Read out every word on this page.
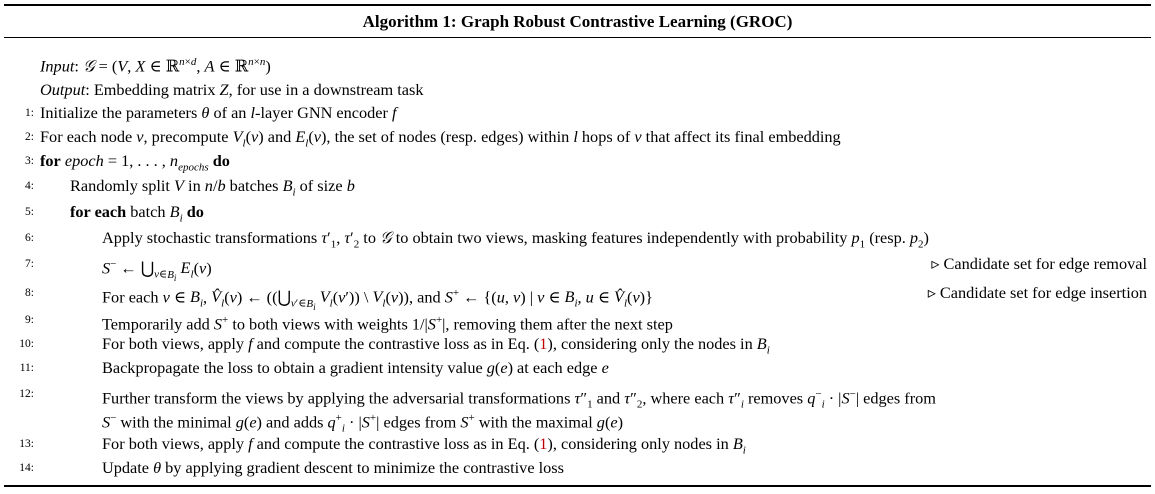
Algorithm 1: Graph Robust Contrastive Learning (GROC)
Input: 𝒢 = (V, X ∈ ℝ$^{n\times d}$, A ∈ ℝ$^{n\times n}$)
Output: Embedding matrix Z, for use in a downstream task
1: Initialize the parameters θ of an l-layer GNN encoder f
2: For each node v, precompute $V_l(v)$ and $E_l(v)$, the set of nodes (resp. edges) within l hops of v that affect its final embedding
3: for epoch = 1, . . . , $n_{epochs}$ do
4: Randomly split V in n/b batches $B_i$ of size b
5: for each batch $B_i$ do
6:	Apply stochastic transformations $\tau'_1$, $\tau'_2$ to 𝒢 to obtain two views, masking features independently with probability $p_1$ (resp. $p_2$)
7:	S− ← $⋃_{v\in B_i}$ $E_l(v)$	▹ Candidate set for edge removal
8:	For each v ∈ $B_i$, $V̂_l(v)$ ← (($⋃_{v'\in B_i}$ $V_l(v')$) \ $V_l(v)$), and S+ ← {(u, v) | v ∈ $B_i$, u ∈ $V̂_l(v)$}	▹ Candidate set for edge insertion
9:	Temporarily add S+ to both views with weights 1/|S+|, removing them after the next step
10:	For both views, apply f and compute the contrastive loss as in Eq. (1), considering only the nodes in $B_i$
11:	Backpropagate the loss to obtain a gradient intensity value g(e) at each edge e
12:	Further transform the views by applying the adversarial transformations $\tau''_1$ and $\tau''_2$, where each $\tau''_i$ removes $q^-_i \cdot |S^-|$ edges from
S− with the minimal g(e) and adds $q^+_i \cdot |S^+|$ edges from S+ with the maximal g(e)
13:	For both views, apply f and compute the contrastive loss as in Eq. (1), considering only nodes in $B_i$
14:	Update θ by applying gradient descent to minimize the contrastive loss
